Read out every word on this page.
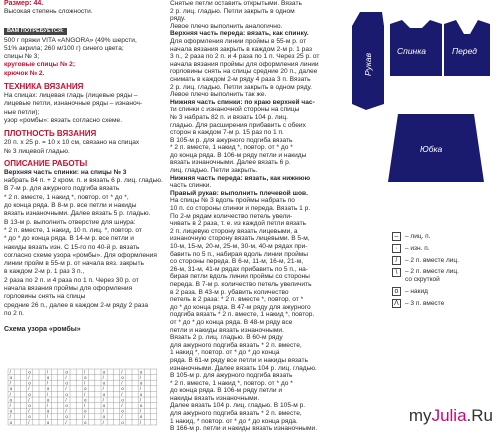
Размер: 44.
Высокая степень сложности.
ВАМ ПОТРЕБУЕТСЯ:
500 г пряжи VITA «ANGORA» (49% шерсти,
51% акрила; 260 м/100 г) синего цвета;
спицы № 3;
круговые спицы № 2;
крючок № 2.
ТЕХНИКА ВЯЗАНИЯ
На спицах: лицевая гладь (лицевые ряды –
лицевые петли, изнаночные ряды – изнаноч-
ные петли);
узор «ромбы»: вязать согласно схеме.
ПЛОТНОСТЬ ВЯЗАНИЯ
20 п. х 25 р. = 10 х 10 см, связано на спицах
№ 3 лицевой гладью.
ОПИСАНИЕ РАБОТЫ
Верхняя часть спинки: на спицы № 3
набрать 84 п. + 2 кром. п. и вязать 6 р. лиц. гладью.
В 7-м р. для ажурного подгиба вязать
* 2 п. вместе, 1 накид *, повтор. от * до *,
до конца ряда. В 8-м р. все петли и накиды
вязать изнаночными. Далее вязать 5 р. гладью.
В 13-м р. выполнить отверстие для шнура:
* 2 п. вместе, 1 накид, 10 п. лиц. *, повтор. от
* до * до конца ряда. В 14-м р. все петли и
накиды вязать изн. С 15-го по 40-й р. вязать
согласно схеме узора «ромбы». Для оформления
линии пройм в 55-м р. от начала вяз. закрыть
в каждом 2-м р. 1 раз 3 п.,
2 раза по 2 п. и 4 раза по 1 п. Через 30 р. от
начала вязания проймы для оформления
горловины снять на спицы
средние 26 п., далее в каждом 2-м ряду 2 раза
по 2 п.
Схема узора «ромбы»
/	o	/	o	/	o	/	o
o	/	o	/	o	/	o	/
/	o	/	o	/	o	/	o
o	/	o	/	o	/	o	/
/	o	/	o	/	o	/	o
o	/	o	/	o	/	o	/
/	o	/	o	/	o	/	o
o	/	o	/	o	/	o	/
/	o	/	o	/	o	/	o
o	/	o	/	o	/	o	/
Снятые петли оставить открытыми. Вязать
2 р. лиц. гладью. Петли закрыть в одном
ряду.
Левое плечо выполнить аналогично.
Верхняя часть переда: вязать, как спинку.
Для оформления линии проймы в 55-м р. от
начала вязания закрыть в каждом 2-м р. 1 раз
3 п., 2 раза по 2 п. и 4 раза по 1 п. Через 25 р. от
начала вязания проймы для оформления линии
горловины снять на спицы средние 20 п., далее
снимать в каждом 2-м ряду 4 раза 3 п. Вязать
2 р. лиц. гладью. Петли закрыть в одном ряду.
Левое плечо выполнить так же.
Нижняя часть спинки: по краю верхней час-
ти спинки с изнаночной стороны на спицы
№ 3 набрать 82 п. и вязать 104 р. лиц.
гладью. Для расширения прибавить с обеих
сторон в каждом 7-м р. 15 раз по 1 п.
В 105-м р. для ажурного подгиба вязать
* 2 п. вместе, 1 накид *, повтор. от * до *
до конца ряда. В 106-м ряду петли и накиды
вязать изнаночными. Далее вязать 6 р.
лиц. гладью. Петли закрыть.
Нижняя часть переда: вязать, как нижнюю
часть спинки.
Правый рукав: выполнить плечевой шов.
На спицы № 3 вдоль проймы набрать по
10 п. со стороны спинки и переда. Вязать 1 р.
По 2-м рядам количество петель увели-
чивать в 2 раза, т. е. из каждой петли вязать
2 п. лицевую сторону вязать лицевыми, а
изнаночную сторону вязать лицевыми. В 5-м,
10-м, 15-м, 20-м, 25-м, 30-м, 40-м рядах при-
бавить по 5 п., набирая вдоль линии проймы
со стороны переда. В 6-м, 11-м, 16-м, 21-м,
26-м, 31-м, 41-м рядах прибавить по 5 п., на-
бирая петли вдоль линии проймы со стороны
переда. В 7-м р. количество петель увеличить
в 2 раза. В 43-м р. убавить количество
петель в 2 раза: * 2 п. вместе *, повтор. от *
до * до конца ряда. В 47-м ряду для ажурного
подгиба вязать * 2 п. вместе, 1 накид *, повтор.
от * до * до конца ряда. В 48-м ряду все
петли и накиды вязать изнаночными.
Вязать 2 р. лиц. гладью. В 60-м ряду
для ажурного подгиба вязать * 2 п. вместе,
1 накид *, повтор. от * до * до конца
ряда. В 61-м ряду все петли и накиды вязать
изнаночными. Далее вязать 104 р. лиц. гладью.
В 105-м р. для ажурного подгиба вязать
* 2 п. вместе, 1 накид *, повтор. от * до *
до конца ряда. В 106-м ряду петли и
накиды вязать изнаночными.
Далее вязать 104 р. лиц. гладью. В 105-м р.
для ажурного подгиба вязать * 2 п. вместе,
1 накид, * повтор. от * до * до конца ряда.
В 166-м р. петли и накиды вязать изнаночными.
Рукав
Спинка	Перед
Юбка
–	– лиц. п.
·	– изн. п.
/	– 2 п. вместе лиц.
\	– 2 п. вместе лиц. со скруткой
o	– накид
Λ – 3 п. вместе
myJulia.Ru
